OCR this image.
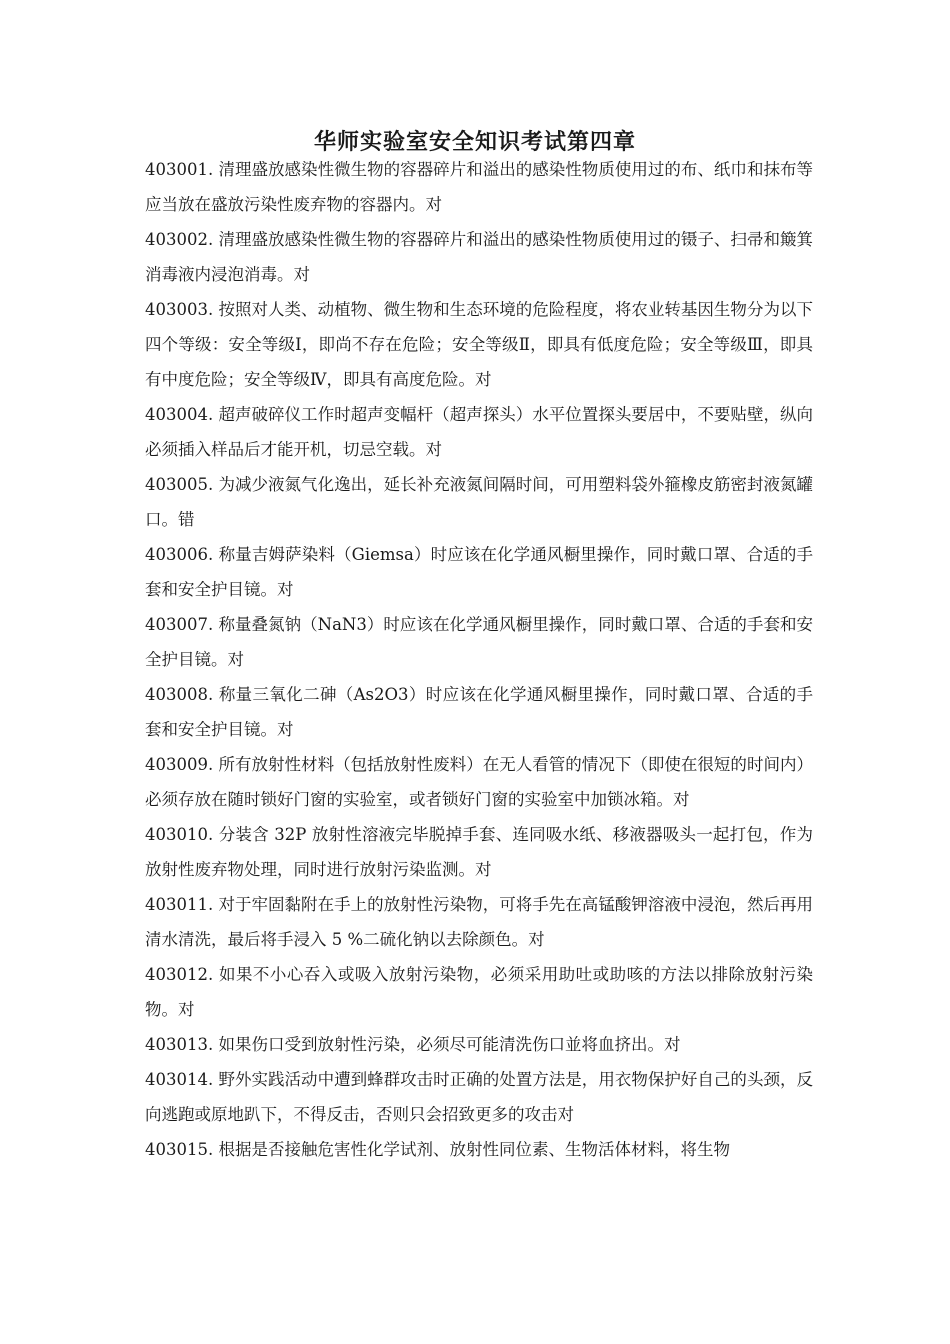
华师实验室安全知识考试第四章

403001. 清理盛放感染性微生物的容器碎片和溢出的感染性物质使用过的布、纸巾和抹布等应当放在盛放污染性废弃物的容器内。对

403002. 清理盛放感染性微生物的容器碎片和溢出的感染性物质使用过的镊子、扫帚和簸箕消毒液内浸泡消毒。对

403003. 按照对人类、动植物、微生物和生态环境的危险程度，将农业转基因生物分为以下四个等级：安全等级Ⅰ，即尚不存在危险；安全等级Ⅱ，即具有低度危险；安全等级Ⅲ，即具有中度危险；安全等级Ⅳ，即具有高度危险。对

403004. 超声破碎仪工作时超声变幅杆（超声探头）水平位置探头要居中，不要贴壁，纵向必须插入样品后才能开机，切忌空载。对

403005. 为减少液氮气化逸出，延长补充液氮间隔时间，可用塑料袋外箍橡皮筋密封液氮罐口。错

403006. 称量吉姆萨染料（Giemsa）时应该在化学通风橱里操作，同时戴口罩、合适的手套和安全护目镜。对

403007. 称量叠氮钠（NaN3）时应该在化学通风橱里操作，同时戴口罩、合适的手套和安全护目镜。对

403008. 称量三氧化二砷（As2O3）时应该在化学通风橱里操作，同时戴口罩、合适的手套和安全护目镜。对

403009. 所有放射性材料（包括放射性废料）在无人看管的情况下（即使在很短的时间内）必须存放在随时锁好门窗的实验室，或者锁好门窗的实验室中加锁冰箱。对

403010. 分装含 32P 放射性溶液完毕脱掉手套、连同吸水纸、移液器吸头一起打包，作为放射性废弃物处理，同时进行放射污染监测。对

403011. 对于牢固黏附在手上的放射性污染物，可将手先在高锰酸钾溶液中浸泡，然后再用清水清洗，最后将手浸入 5 %二硫化钠以去除颜色。对

403012. 如果不小心吞入或吸入放射污染物，必须采用助吐或助咳的方法以排除放射污染物。对

403013. 如果伤口受到放射性污染，必须尽可能清洗伤口並将血挤出。对

403014. 野外实践活动中遭到蜂群攻击时正确的处置方法是，用衣物保护好自己的头颈，反向逃跑或原地趴下，不得反击，否则只会招致更多的攻击对

403015. 根据是否接触危害性化学试剂、放射性同位素、生物活体材料，将生物
